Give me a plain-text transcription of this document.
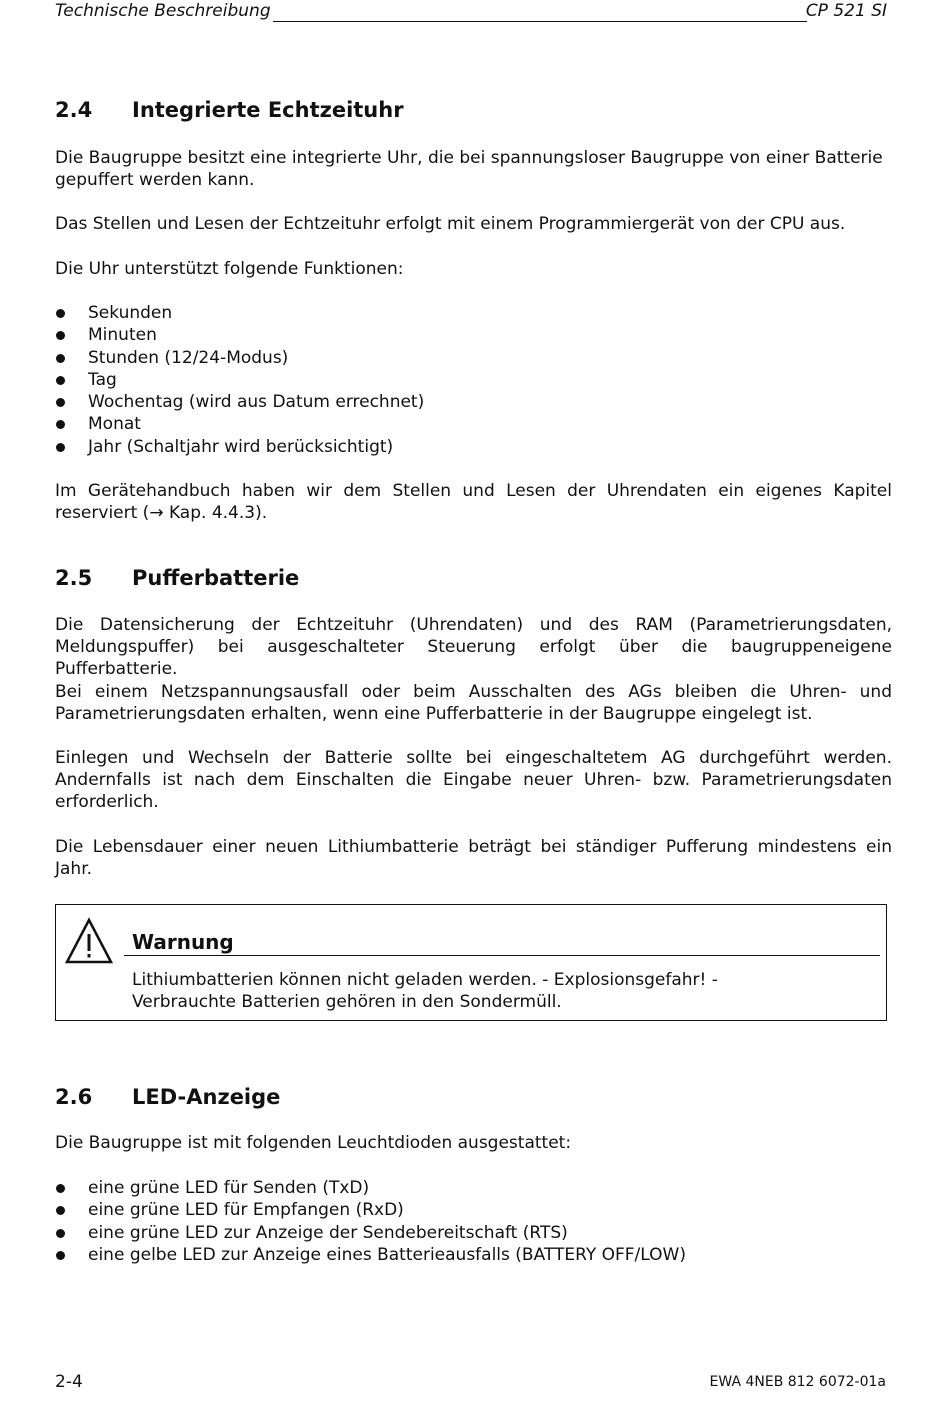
Technische Beschreibung	CP 521 SI
2.4 Integrierte Echtzeituhr

Die Baugruppe besitzt eine integrierte Uhr, die bei spannungsloser Baugruppe von einer Batterie gepuffert werden kann.

Das Stellen und Lesen der Echtzeituhr erfolgt mit einem Programmiergerät von der CPU aus.

Die Uhr unterstützt folgende Funktionen:

Sekunden
Minuten
Stunden (12/24-Modus)
Tag
Wochentag (wird aus Datum errechnet)
Monat
Jahr (Schaltjahr wird berücksichtigt)

Im Gerätehandbuch haben wir dem Stellen und Lesen der Uhrendaten ein eigenes Kapitel reserviert (→ Kap. 4.4.3).

2.5 Pufferbatterie

Die Datensicherung der Echtzeituhr (Uhrendaten) und des RAM (Parametrierungsdaten, Meldungspuffer) bei ausgeschalteter Steuerung erfolgt über die baugruppeneigene Pufferbatterie.

Bei einem Netzspannungsausfall oder beim Ausschalten des AGs bleiben die Uhren- und Parametrierungsdaten erhalten, wenn eine Pufferbatterie in der Baugruppe eingelegt ist.

Einlegen und Wechseln der Batterie sollte bei eingeschaltetem AG durchgeführt werden. Andernfalls ist nach dem Einschalten die Eingabe neuer Uhren- bzw. Parametrierungsdaten erforderlich.

Die Lebensdauer einer neuen Lithiumbatterie beträgt bei ständiger Pufferung mindestens ein Jahr.

Warnung
Lithiumbatterien können nicht geladen werden. - Explosionsgefahr! -
Verbrauchte Batterien gehören in den Sondermüll.
2.6 LED-Anzeige

Die Baugruppe ist mit folgenden Leuchtdioden ausgestattet:

eine grüne LED für Senden (TxD)
eine grüne LED für Empfangen (RxD)
eine grüne LED zur Anzeige der Sendebereitschaft (RTS)
eine gelbe LED zur Anzeige eines Batterieausfalls (BATTERY OFF/LOW)
2-4	EWA 4NEB 812 6072-01a
